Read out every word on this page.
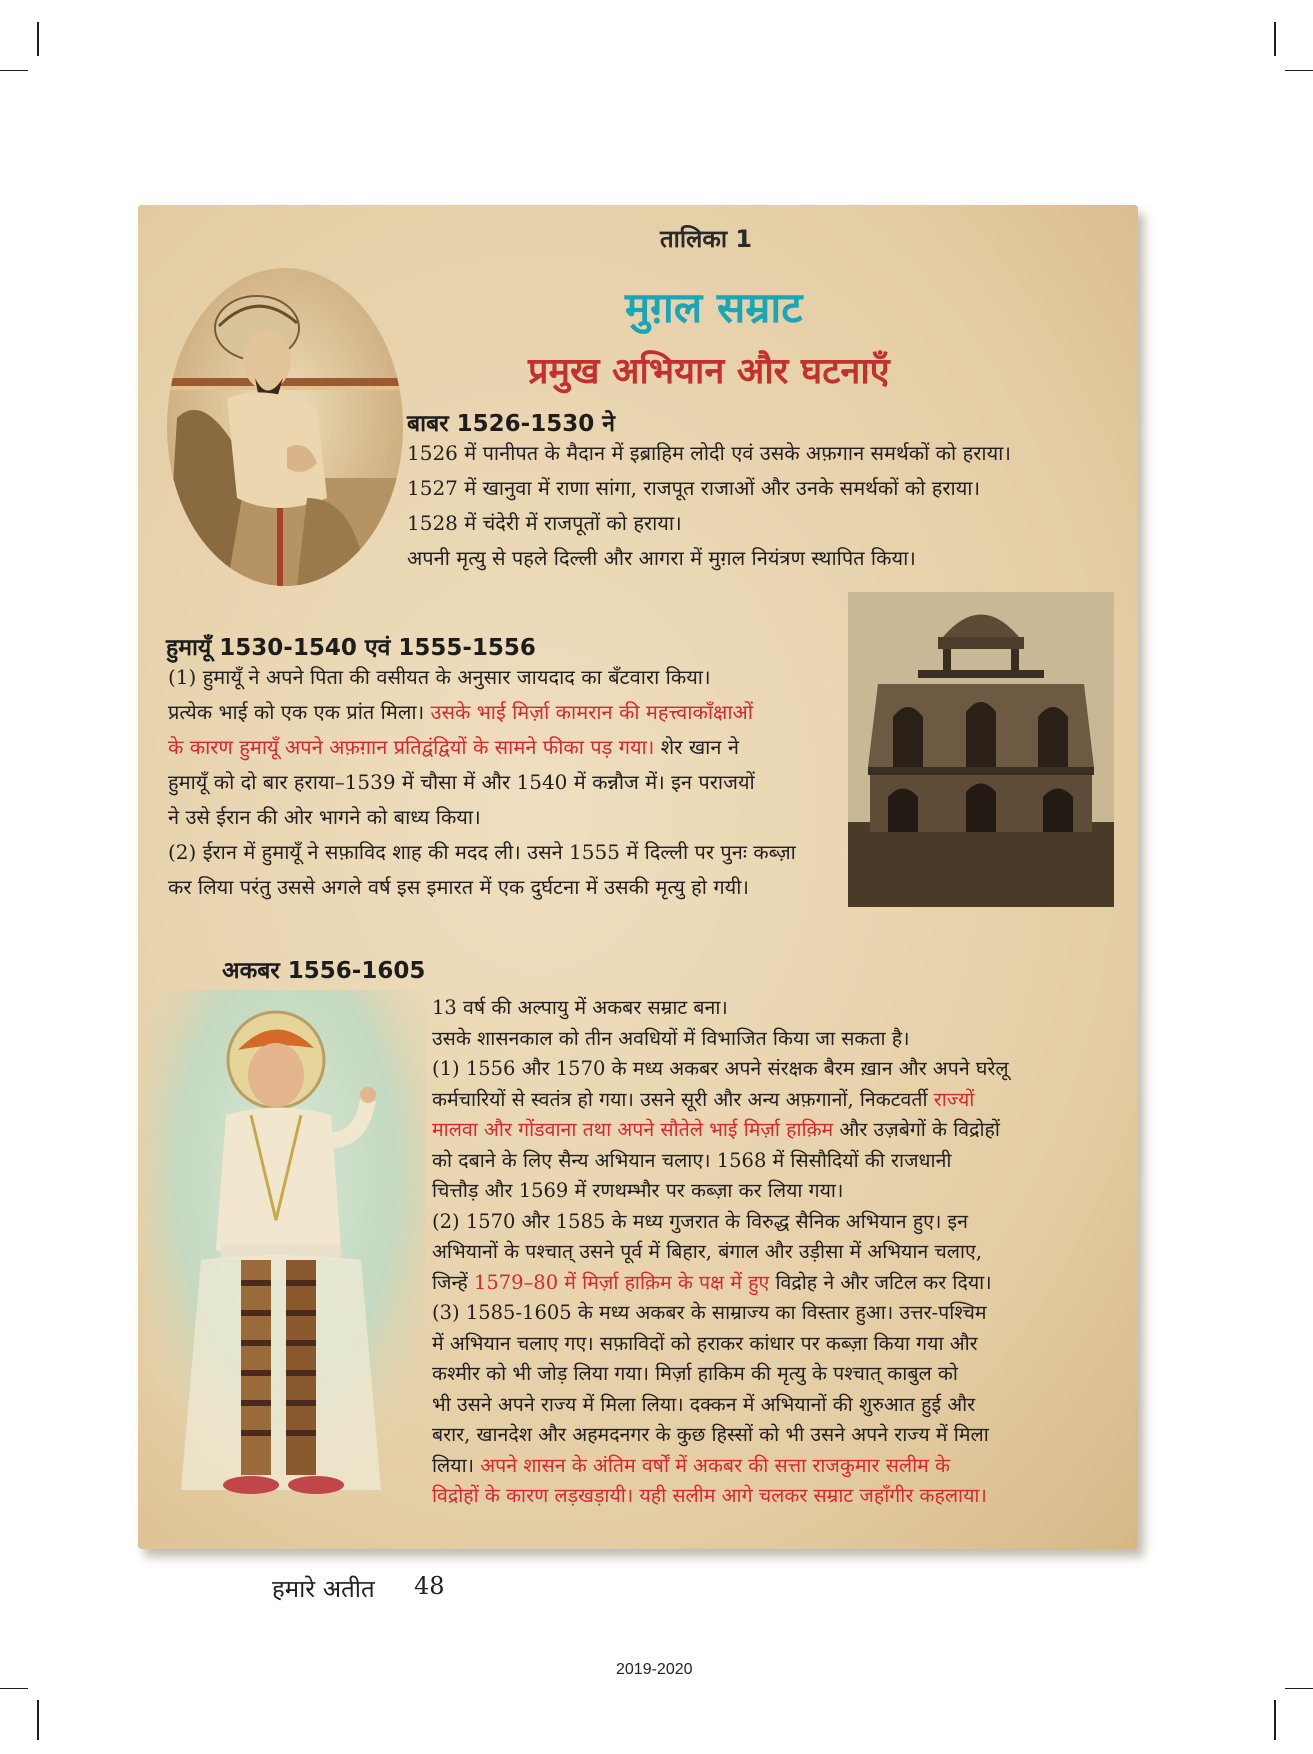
तालिका 1
मुग़ल सम्राट
प्रमुख अभियान और घटनाएँ
बाबर 1526-1530 ने
1526 में पानीपत के मैदान में इब्राहिम लोदी एवं उसके अफ़गान समर्थकों को हराया।
1527 में खानुवा में राणा सांगा, राजपूत राजाओं और उनके समर्थकों को हराया।
1528 में चंदेरी में राजपूतों को हराया।
अपनी मृत्यु से पहले दिल्ली और आगरा में मुग़ल नियंत्रण स्थापित किया।
हुमायूँ 1530-1540 एवं 1555-1556
(1) हुमायूँ ने अपने पिता की वसीयत के अनुसार जायदाद का बँटवारा किया।
प्रत्येक भाई को एक एक प्रांत मिला। उसके भाई मिर्ज़ा कामरान की महत्त्वाकाँक्षाओं
के कारण हुमायूँ अपने अफ़ग़ान प्रतिद्वंद्वियों के सामने फीका पड़ गया। शेर खान ने
हुमायूँ को दो बार हराया–1539 में चौसा में और 1540 में कन्नौज में। इन पराजयों
ने उसे ईरान की ओर भागने को बाध्य किया।
(2) ईरान में हुमायूँ ने सफ़ाविद शाह की मदद ली। उसने 1555 में दिल्ली पर पुनः कब्ज़ा
कर लिया परंतु उससे अगले वर्ष इस इमारत में एक दुर्घटना में उसकी मृत्यु हो गयी।
अकबर 1556-1605
13 वर्ष की अल्पायु में अकबर सम्राट बना।
उसके शासनकाल को तीन अवधियों में विभाजित किया जा सकता है।
(1) 1556 और 1570 के मध्य अकबर अपने संरक्षक बैरम ख़ान और अपने घरेलू
कर्मचारियों से स्वतंत्र हो गया। उसने सूरी और अन्य अफ़गानों, निकटवर्ती राज्यों
मालवा और गोंडवाना तथा अपने सौतेले भाई मिर्ज़ा हाक़िम और उज़बेगों के विद्रोहों
को दबाने के लिए सैन्य अभियान चलाए। 1568 में सिसौदियों की राजधानी
चित्तौड़ और 1569 में रणथम्भौर पर कब्ज़ा कर लिया गया।
(2) 1570 और 1585 के मध्य गुजरात के विरुद्ध सैनिक अभियान हुए। इन
अभियानों के पश्चात् उसने पूर्व में बिहार, बंगाल और उड़ीसा में अभियान चलाए,
जिन्हें 1579–80 में मिर्ज़ा हाक़िम के पक्ष में हुए विद्रोह ने और जटिल कर दिया।
(3) 1585-1605 के मध्य अकबर के साम्राज्य का विस्तार हुआ। उत्तर-पश्चिम
में अभियान चलाए गए। सफ़ाविदों को हराकर कांधार पर कब्ज़ा किया गया और
कश्मीर को भी जोड़ लिया गया। मिर्ज़ा हाकिम की मृत्यु के पश्चात् काबुल को
भी उसने अपने राज्य में मिला लिया। दक्कन में अभियानों की शुरुआत हुई और
बरार, खानदेश और अहमदनगर के कुछ हिस्सों को भी उसने अपने राज्य में मिला
लिया। अपने शासन के अंतिम वर्षों में अकबर की सत्ता राजकुमार सलीम के
विद्रोहों के कारण लड़खड़ायी। यही सलीम आगे चलकर सम्राट जहाँगीर कहलाया।
हमारे अतीत 48
2019-2020
